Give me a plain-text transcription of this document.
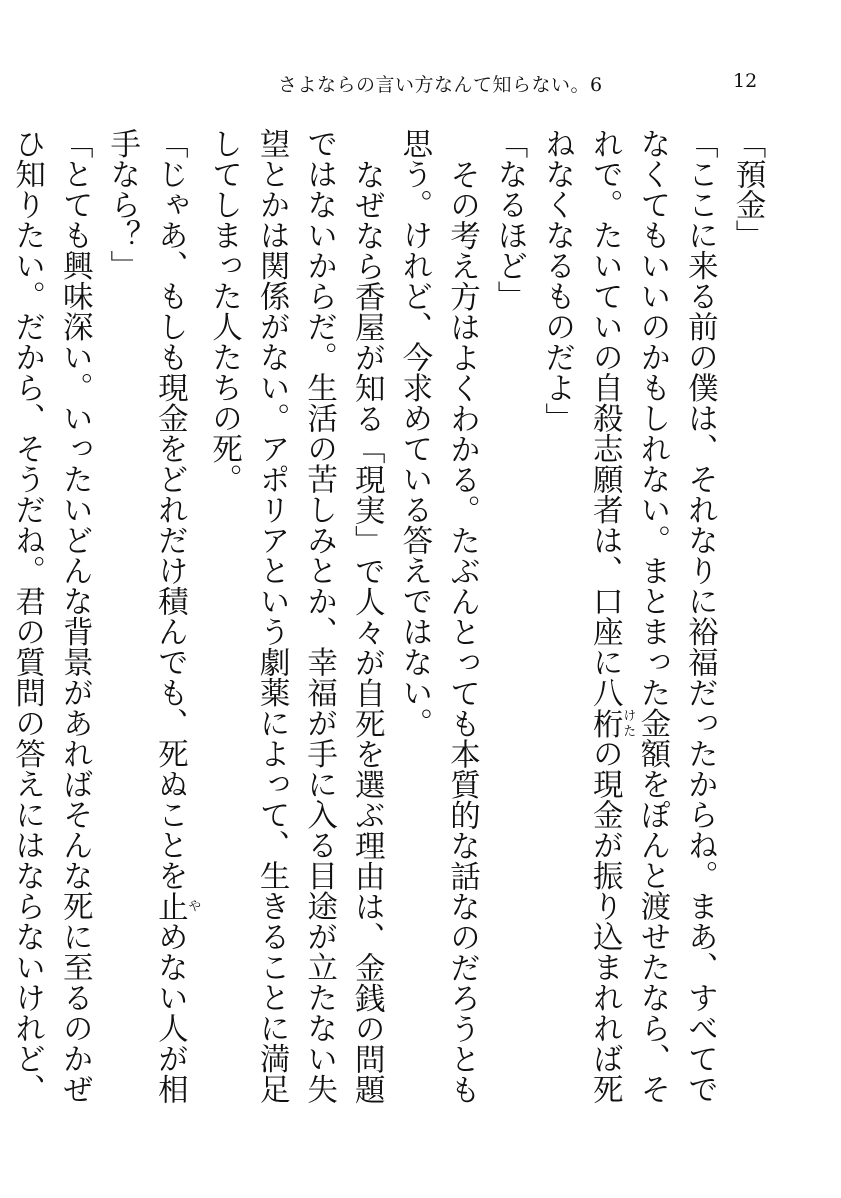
さよならの言い方なんて知らない。6	12

「預金」

「ここに来る前の僕は、それなりに裕福だったからね。まあ、すべてでなくてもいいのかもしれない。まとまった金額をぽんと渡せたなら、それで。たいていの自殺志願者は、口座に八桁けたの現金が振り込まれれば死ねなくなるものだよ」

「なるほど」

その考え方はよくわかる。たぶんとっても本質的な話なのだろうとも思う。けれど、今求めている答えではない。

なぜなら香屋が知る「現実」で人々が自死を選ぶ理由は、金銭の問題ではないからだ。生活の苦しみとか、幸福が手に入る目途が立たない失望とかは関係がない。アポリアという劇薬によって、生きることに満足してしまった人たちの死。

「じゃあ、もしも現金をどれだけ積んでも、死ぬことを止やめない人が相手なら？」

「とても興味深い。いったいどんな背景があればそんな死に至るのかぜひ知りたい。だから、そうだね。君の質問の答えにはならないけれど、
